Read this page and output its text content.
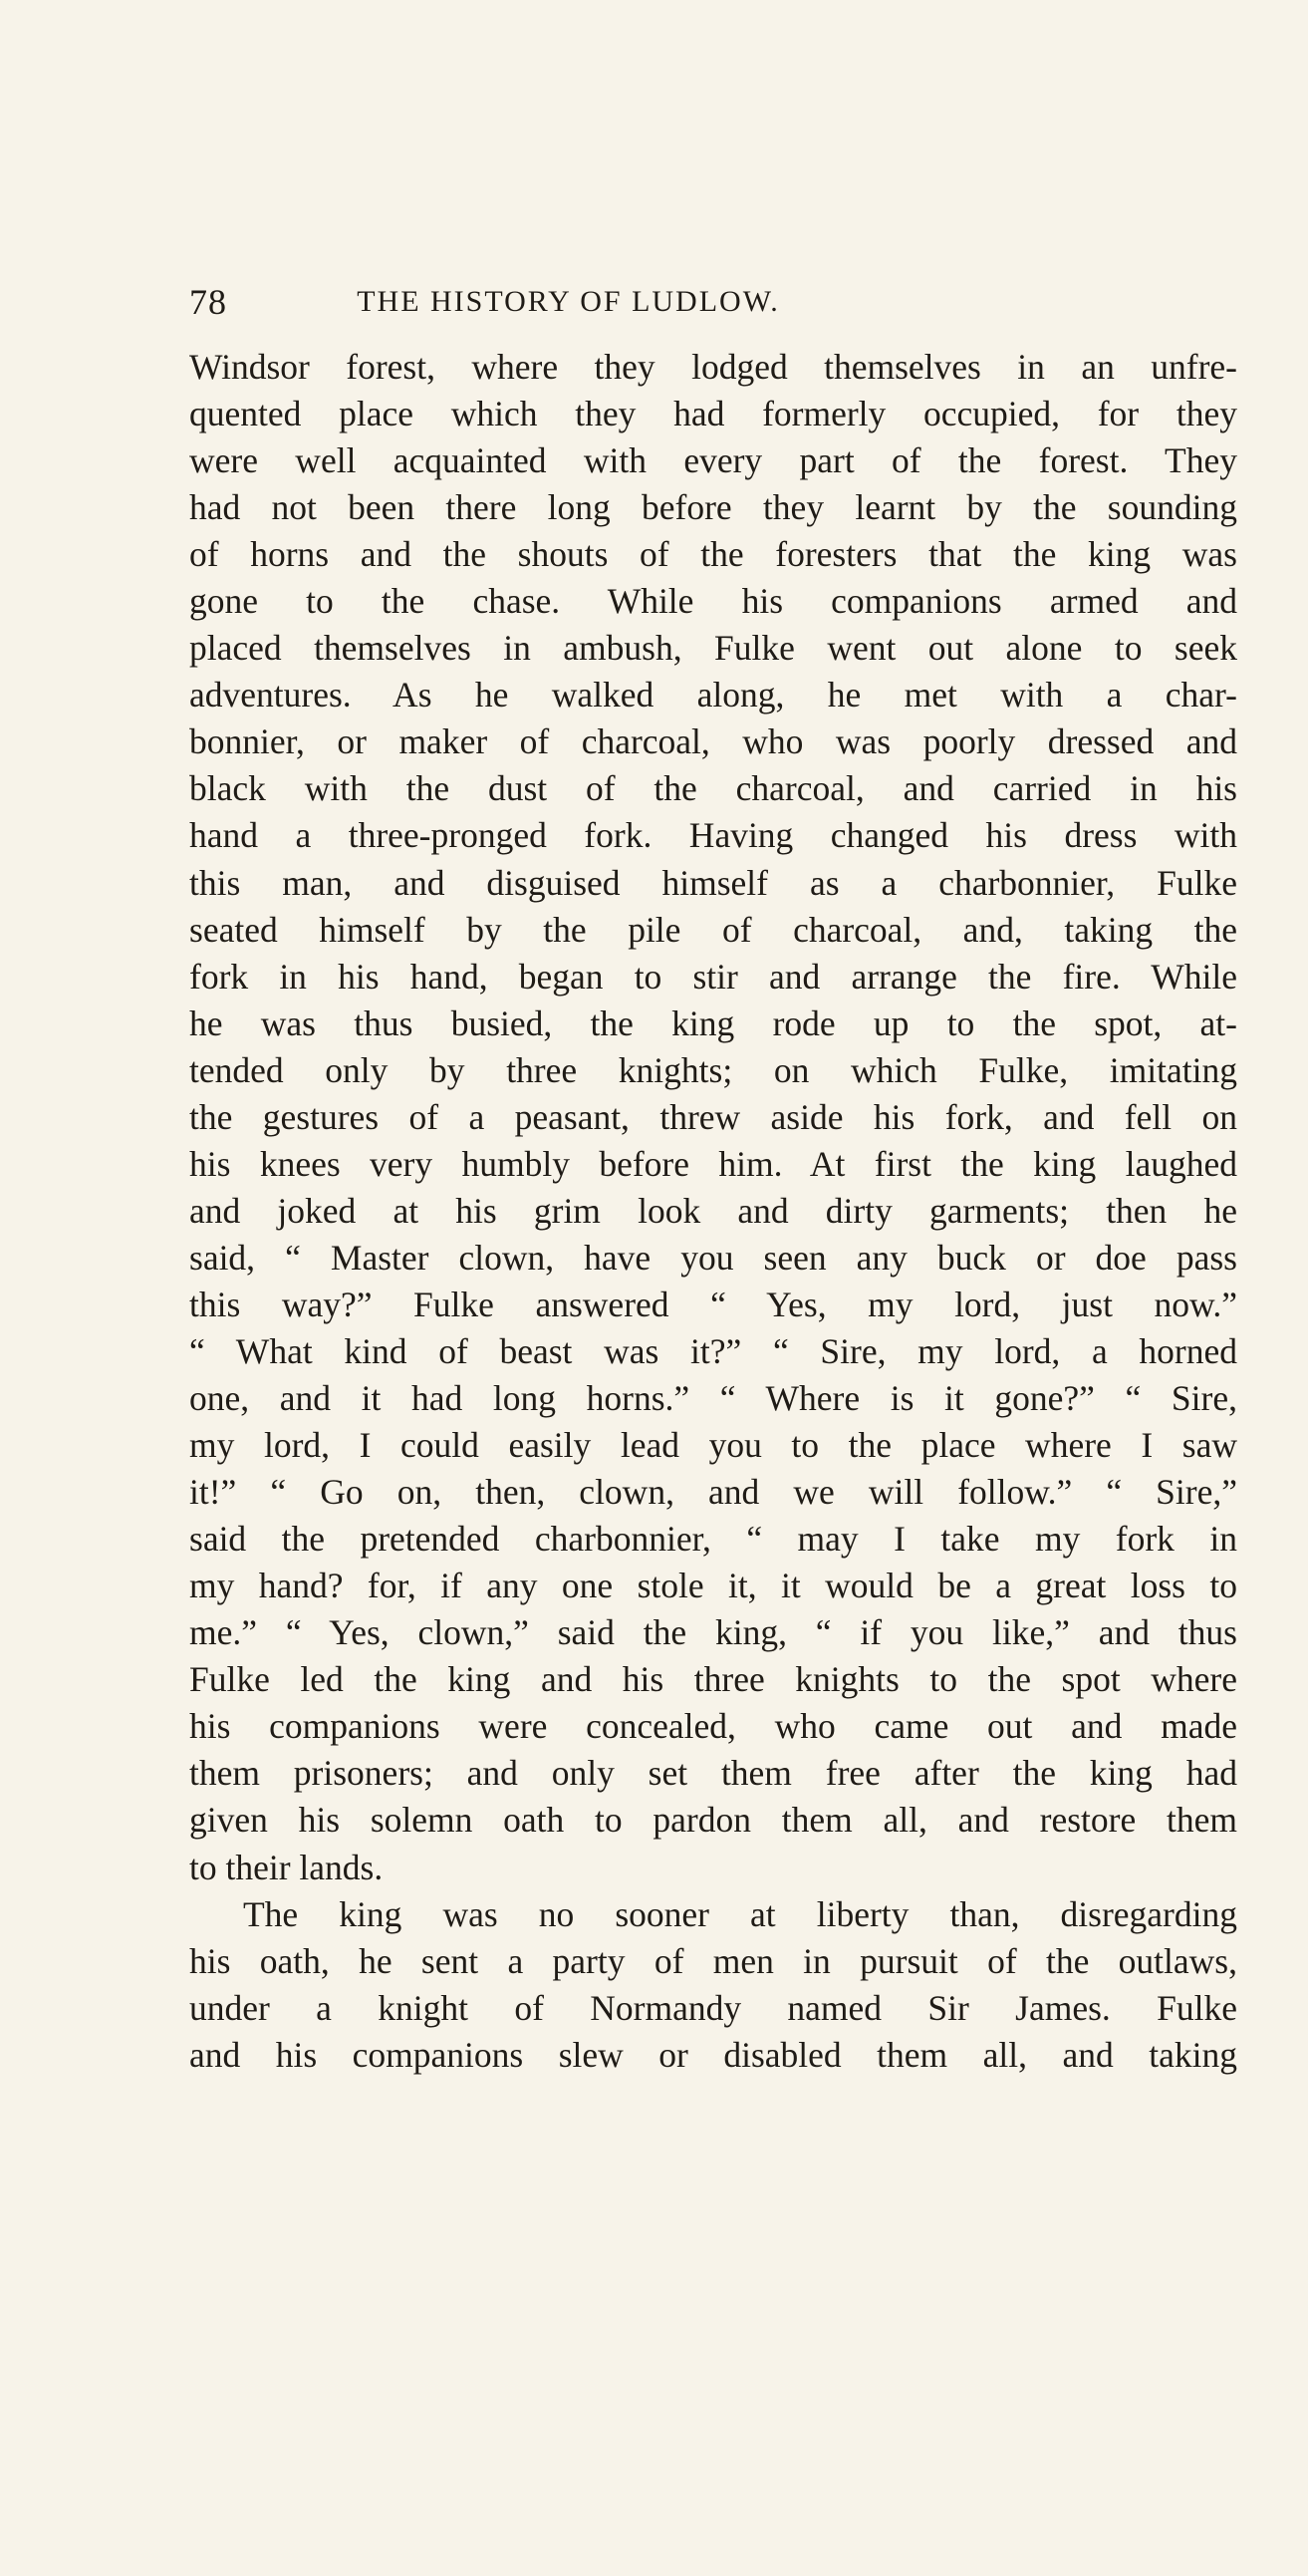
78	THE HISTORY OF LUDLOW.
Windsor forest, where they lodged themselves in an unfre-
quented place which they had formerly occupied, for they
were well acquainted with every part of the forest. They
had not been there long before they learnt by the sounding
of horns and the shouts of the foresters that the king was
gone to the chase. While his companions armed and
placed themselves in ambush, Fulke went out alone to seek
adventures. As he walked along, he met with a char-
bonnier, or maker of charcoal, who was poorly dressed and
black with the dust of the charcoal, and carried in his
hand a three-pronged fork. Having changed his dress with
this man, and disguised himself as a charbonnier, Fulke
seated himself by the pile of charcoal, and, taking the
fork in his hand, began to stir and arrange the fire. While
he was thus busied, the king rode up to the spot, at-
tended only by three knights; on which Fulke, imitating
the gestures of a peasant, threw aside his fork, and fell on
his knees very humbly before him. At first the king laughed
and joked at his grim look and dirty garments; then he
said, “ Master clown, have you seen any buck or doe pass
this way?” Fulke answered “ Yes, my lord, just now.”
“ What kind of beast was it?” “ Sire, my lord, a horned
one, and it had long horns.” “ Where is it gone?” “ Sire,
my lord, I could easily lead you to the place where I saw
it!” “ Go on, then, clown, and we will follow.” “ Sire,”
said the pretended charbonnier, “ may I take my fork in
my hand? for, if any one stole it, it would be a great loss to
me.” “ Yes, clown,” said the king, “ if you like,” and thus
Fulke led the king and his three knights to the spot where
his companions were concealed, who came out and made
them prisoners; and only set them free after the king had
given his solemn oath to pardon them all, and restore them
to their lands.
The king was no sooner at liberty than, disregarding
his oath, he sent a party of men in pursuit of the outlaws,
under a knight of Normandy named Sir James. Fulke
and his companions slew or disabled them all, and taking
